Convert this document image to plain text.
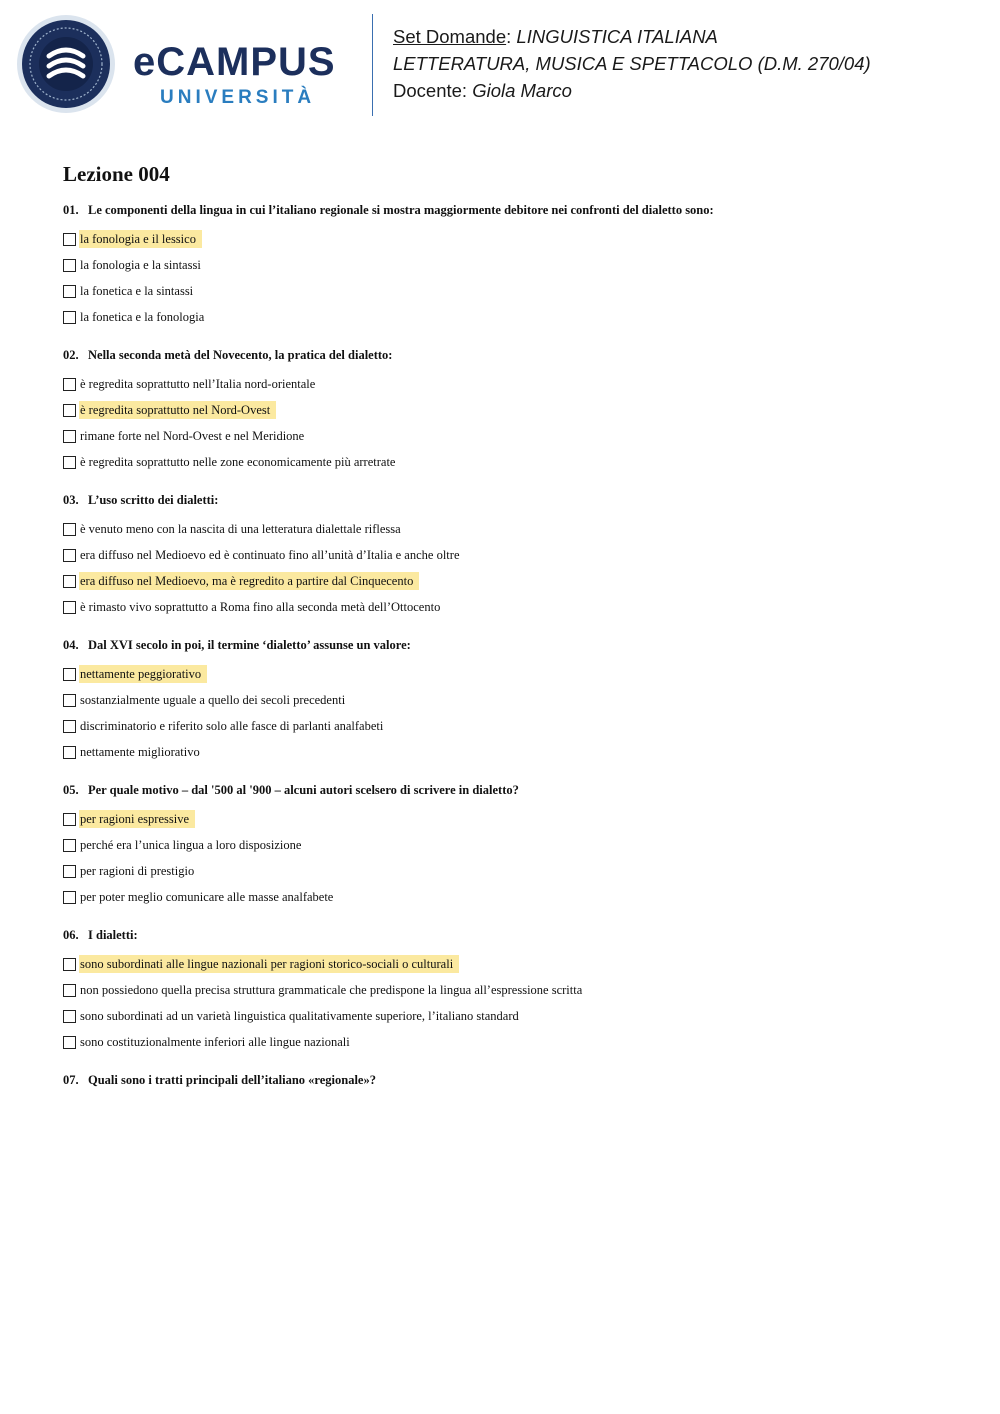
eCAMPUS
UNIVERSITÀ
Set Domande: LINGUISTICA ITALIANA
LETTERATURA, MUSICA E SPETTACOLO (D.M. 270/04)
Docente: Giola Marco
Lezione 004
01. Le componenti della lingua in cui l’italiano regionale si mostra maggiormente debitore nei confronti del dialetto sono:
la fonologia e il lessico
la fonologia e la sintassi
la fonetica e la sintassi
la fonetica e la fonologia
02. Nella seconda metà del Novecento, la pratica del dialetto:
è regredita soprattutto nell’Italia nord-orientale
è regredita soprattutto nel Nord-Ovest
rimane forte nel Nord-Ovest e nel Meridione
è regredita soprattutto nelle zone economicamente più arretrate
03. L’uso scritto dei dialetti:
è venuto meno con la nascita di una letteratura dialettale riflessa
era diffuso nel Medioevo ed è continuato fino all’unità d’Italia e anche oltre
era diffuso nel Medioevo, ma è regredito a partire dal Cinquecento
è rimasto vivo soprattutto a Roma fino alla seconda metà dell’Ottocento
04. Dal XVI secolo in poi, il termine ‘dialetto’ assunse un valore:
nettamente peggiorativo
sostanzialmente uguale a quello dei secoli precedenti
discriminatorio e riferito solo alle fasce di parlanti analfabeti
nettamente migliorativo
05. Per quale motivo – dal '500 al '900 – alcuni autori scelsero di scrivere in dialetto?
per ragioni espressive
perché era l’unica lingua a loro disposizione
per ragioni di prestigio
per poter meglio comunicare alle masse analfabete
06. I dialetti:
sono subordinati alle lingue nazionali per ragioni storico-sociali o culturali
non possiedono quella precisa struttura grammaticale che predispone la lingua all’espressione scritta
sono subordinati ad un varietà linguistica qualitativamente superiore, l’italiano standard
sono costituzionalmente inferiori alle lingue nazionali
07. Quali sono i tratti principali dell’italiano «regionale»?
